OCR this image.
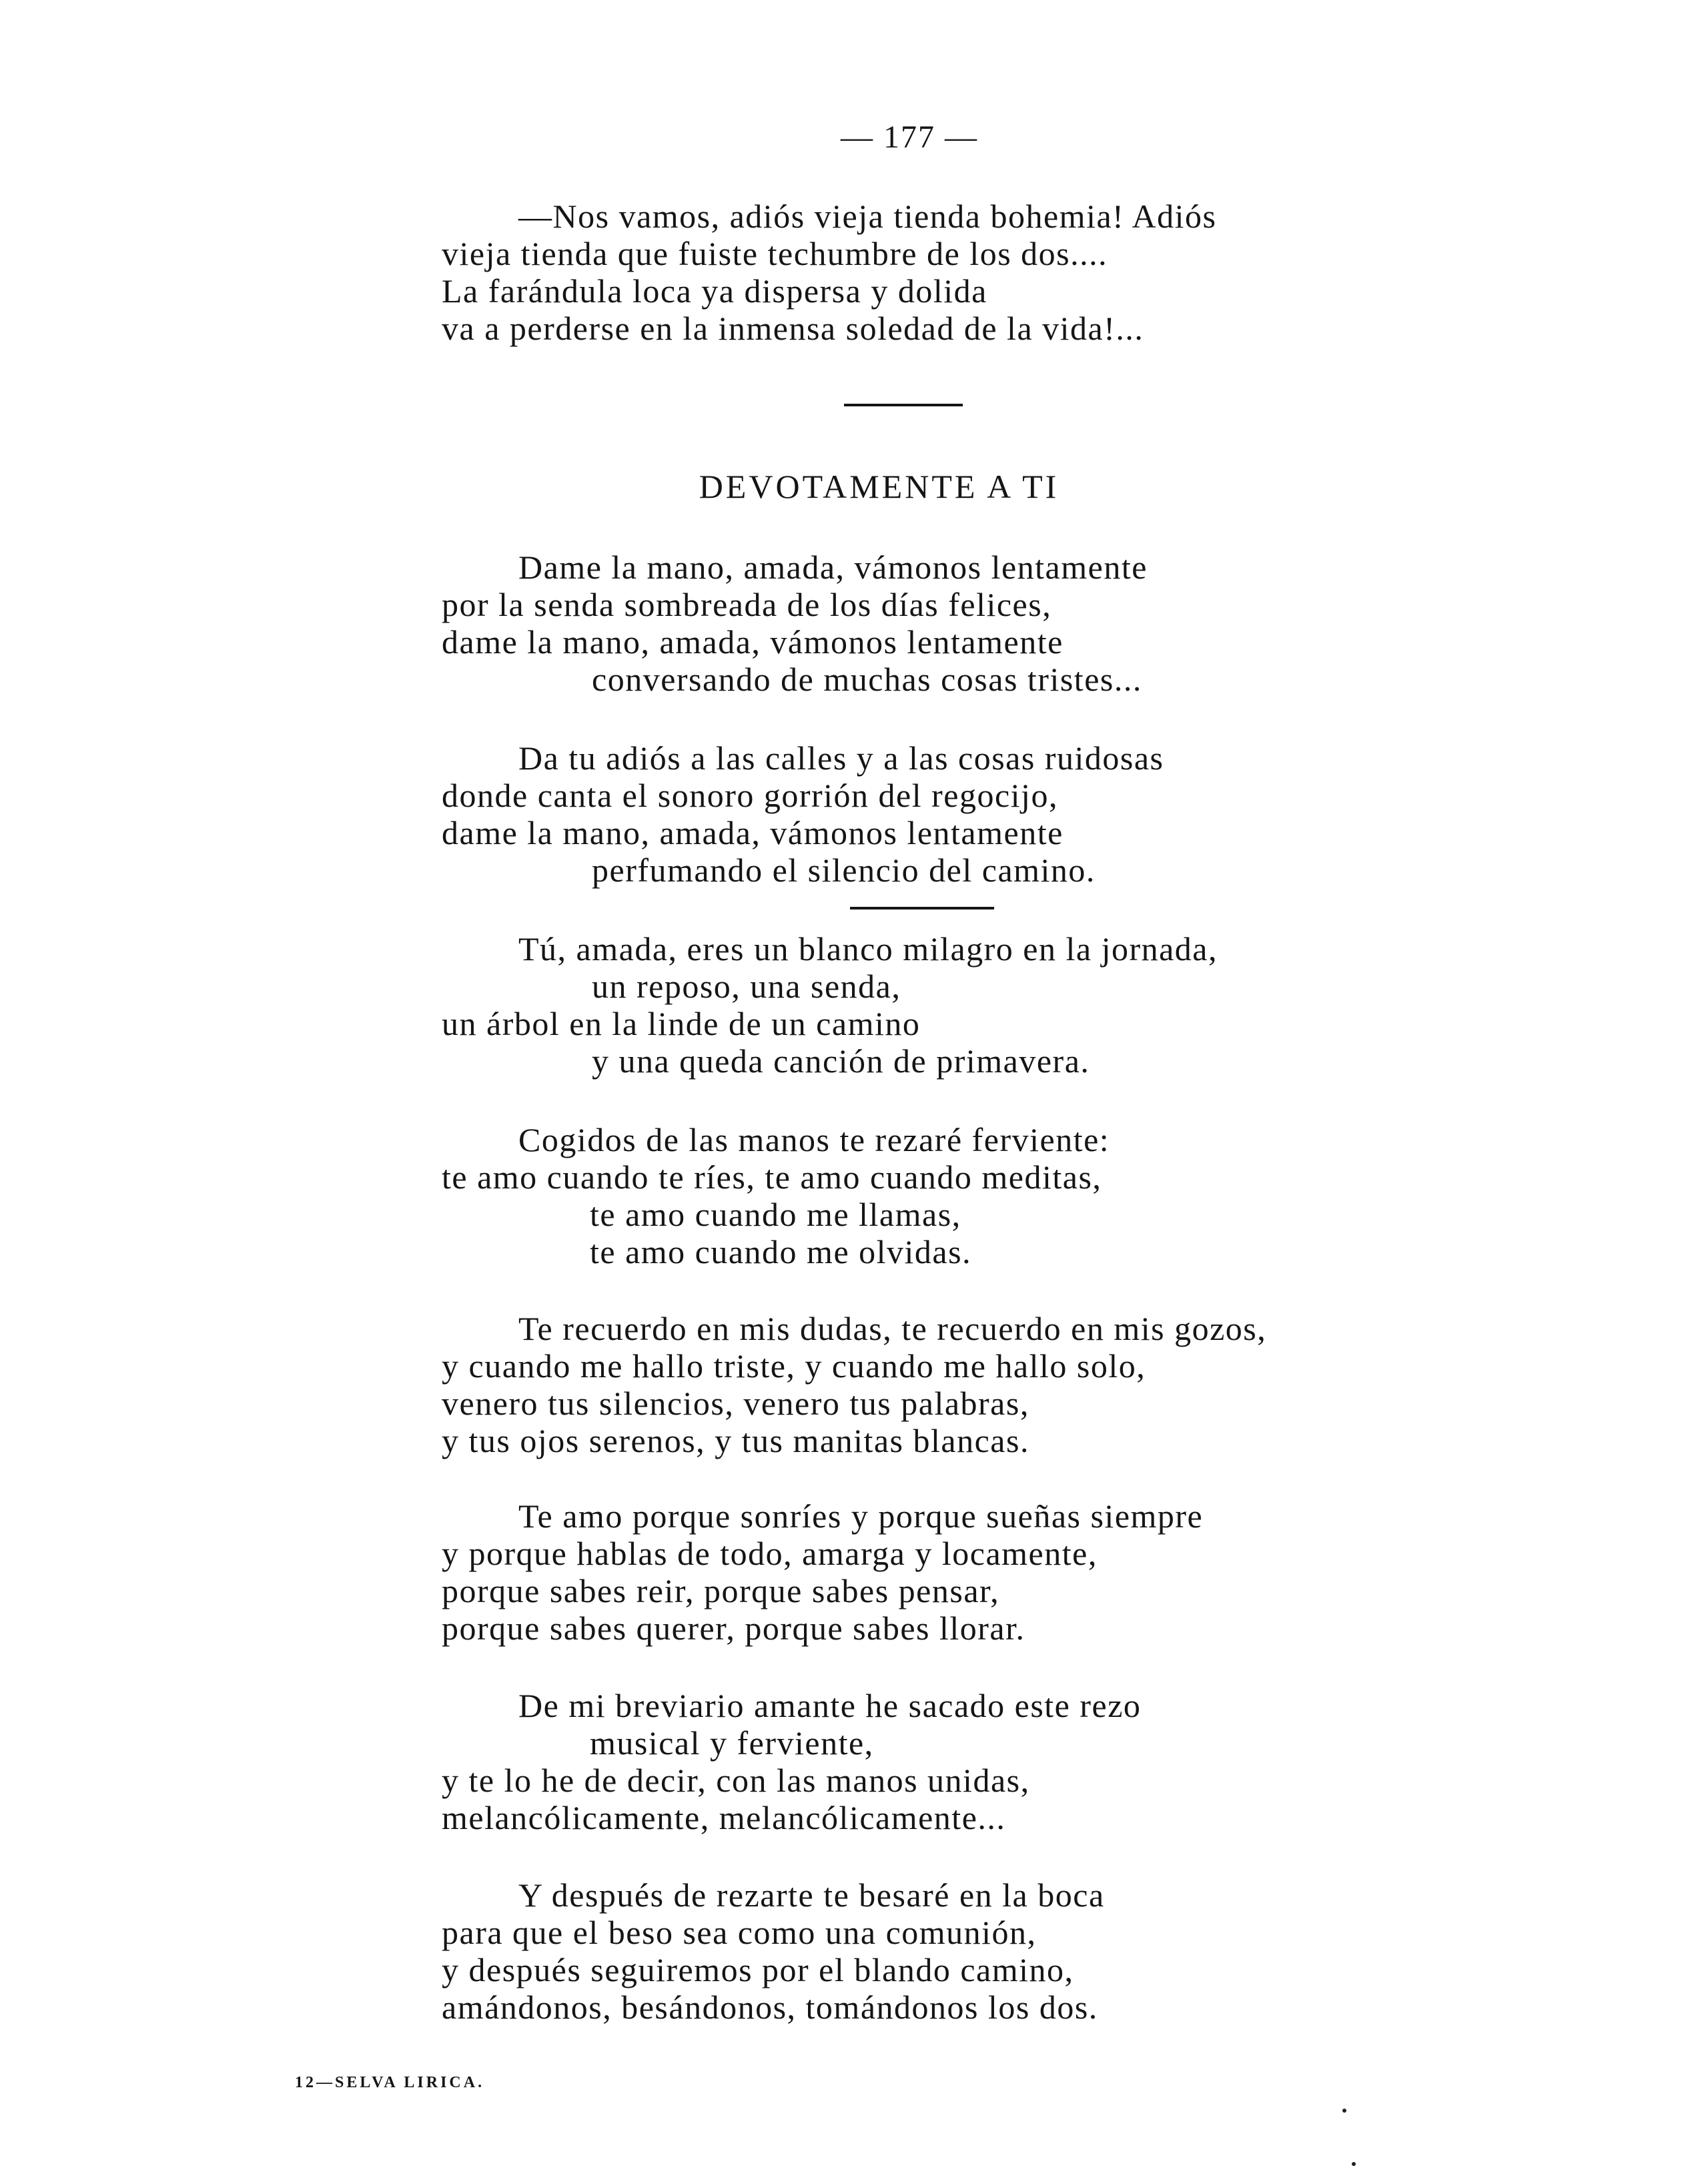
— 177 —
—Nos vamos, adiós vieja tienda bohemia! Adiós
vieja tienda que fuiste techumbre de los dos....
La farándula loca ya dispersa y dolida
va a perderse en la inmensa soledad de la vida!...
DEVOTAMENTE A TI
Dame la mano, amada, vámonos lentamente
por la senda sombreada de los días felices,
dame la mano, amada, vámonos lentamente
conversando de muchas cosas tristes...
Da tu adiós a las calles y a las cosas ruidosas
donde canta el sonoro gorrión del regocijo,
dame la mano, amada, vámonos lentamente
perfumando el silencio del camino.
Tú, amada, eres un blanco milagro en la jornada,
un reposo, una senda,
un árbol en la linde de un camino
y una queda canción de primavera.
Cogidos de las manos te rezaré ferviente:
te amo cuando te ríes, te amo cuando meditas,
te amo cuando me llamas,
te amo cuando me olvidas.
Te recuerdo en mis dudas, te recuerdo en mis gozos,
y cuando me hallo triste, y cuando me hallo solo,
venero tus silencios, venero tus palabras,
y tus ojos serenos, y tus manitas blancas.
Te amo porque sonríes y porque sueñas siempre
y porque hablas de todo, amarga y locamente,
porque sabes reir, porque sabes pensar,
porque sabes querer, porque sabes llorar.
De mi breviario amante he sacado este rezo
musical y ferviente,
y te lo he de decir, con las manos unidas,
melancólicamente, melancólicamente...
Y después de rezarte te besaré en la boca
para que el beso sea como una comunión,
y después seguiremos por el blando camino,
amándonos, besándonos, tomándonos los dos.
12—SELVA LIRICA.
